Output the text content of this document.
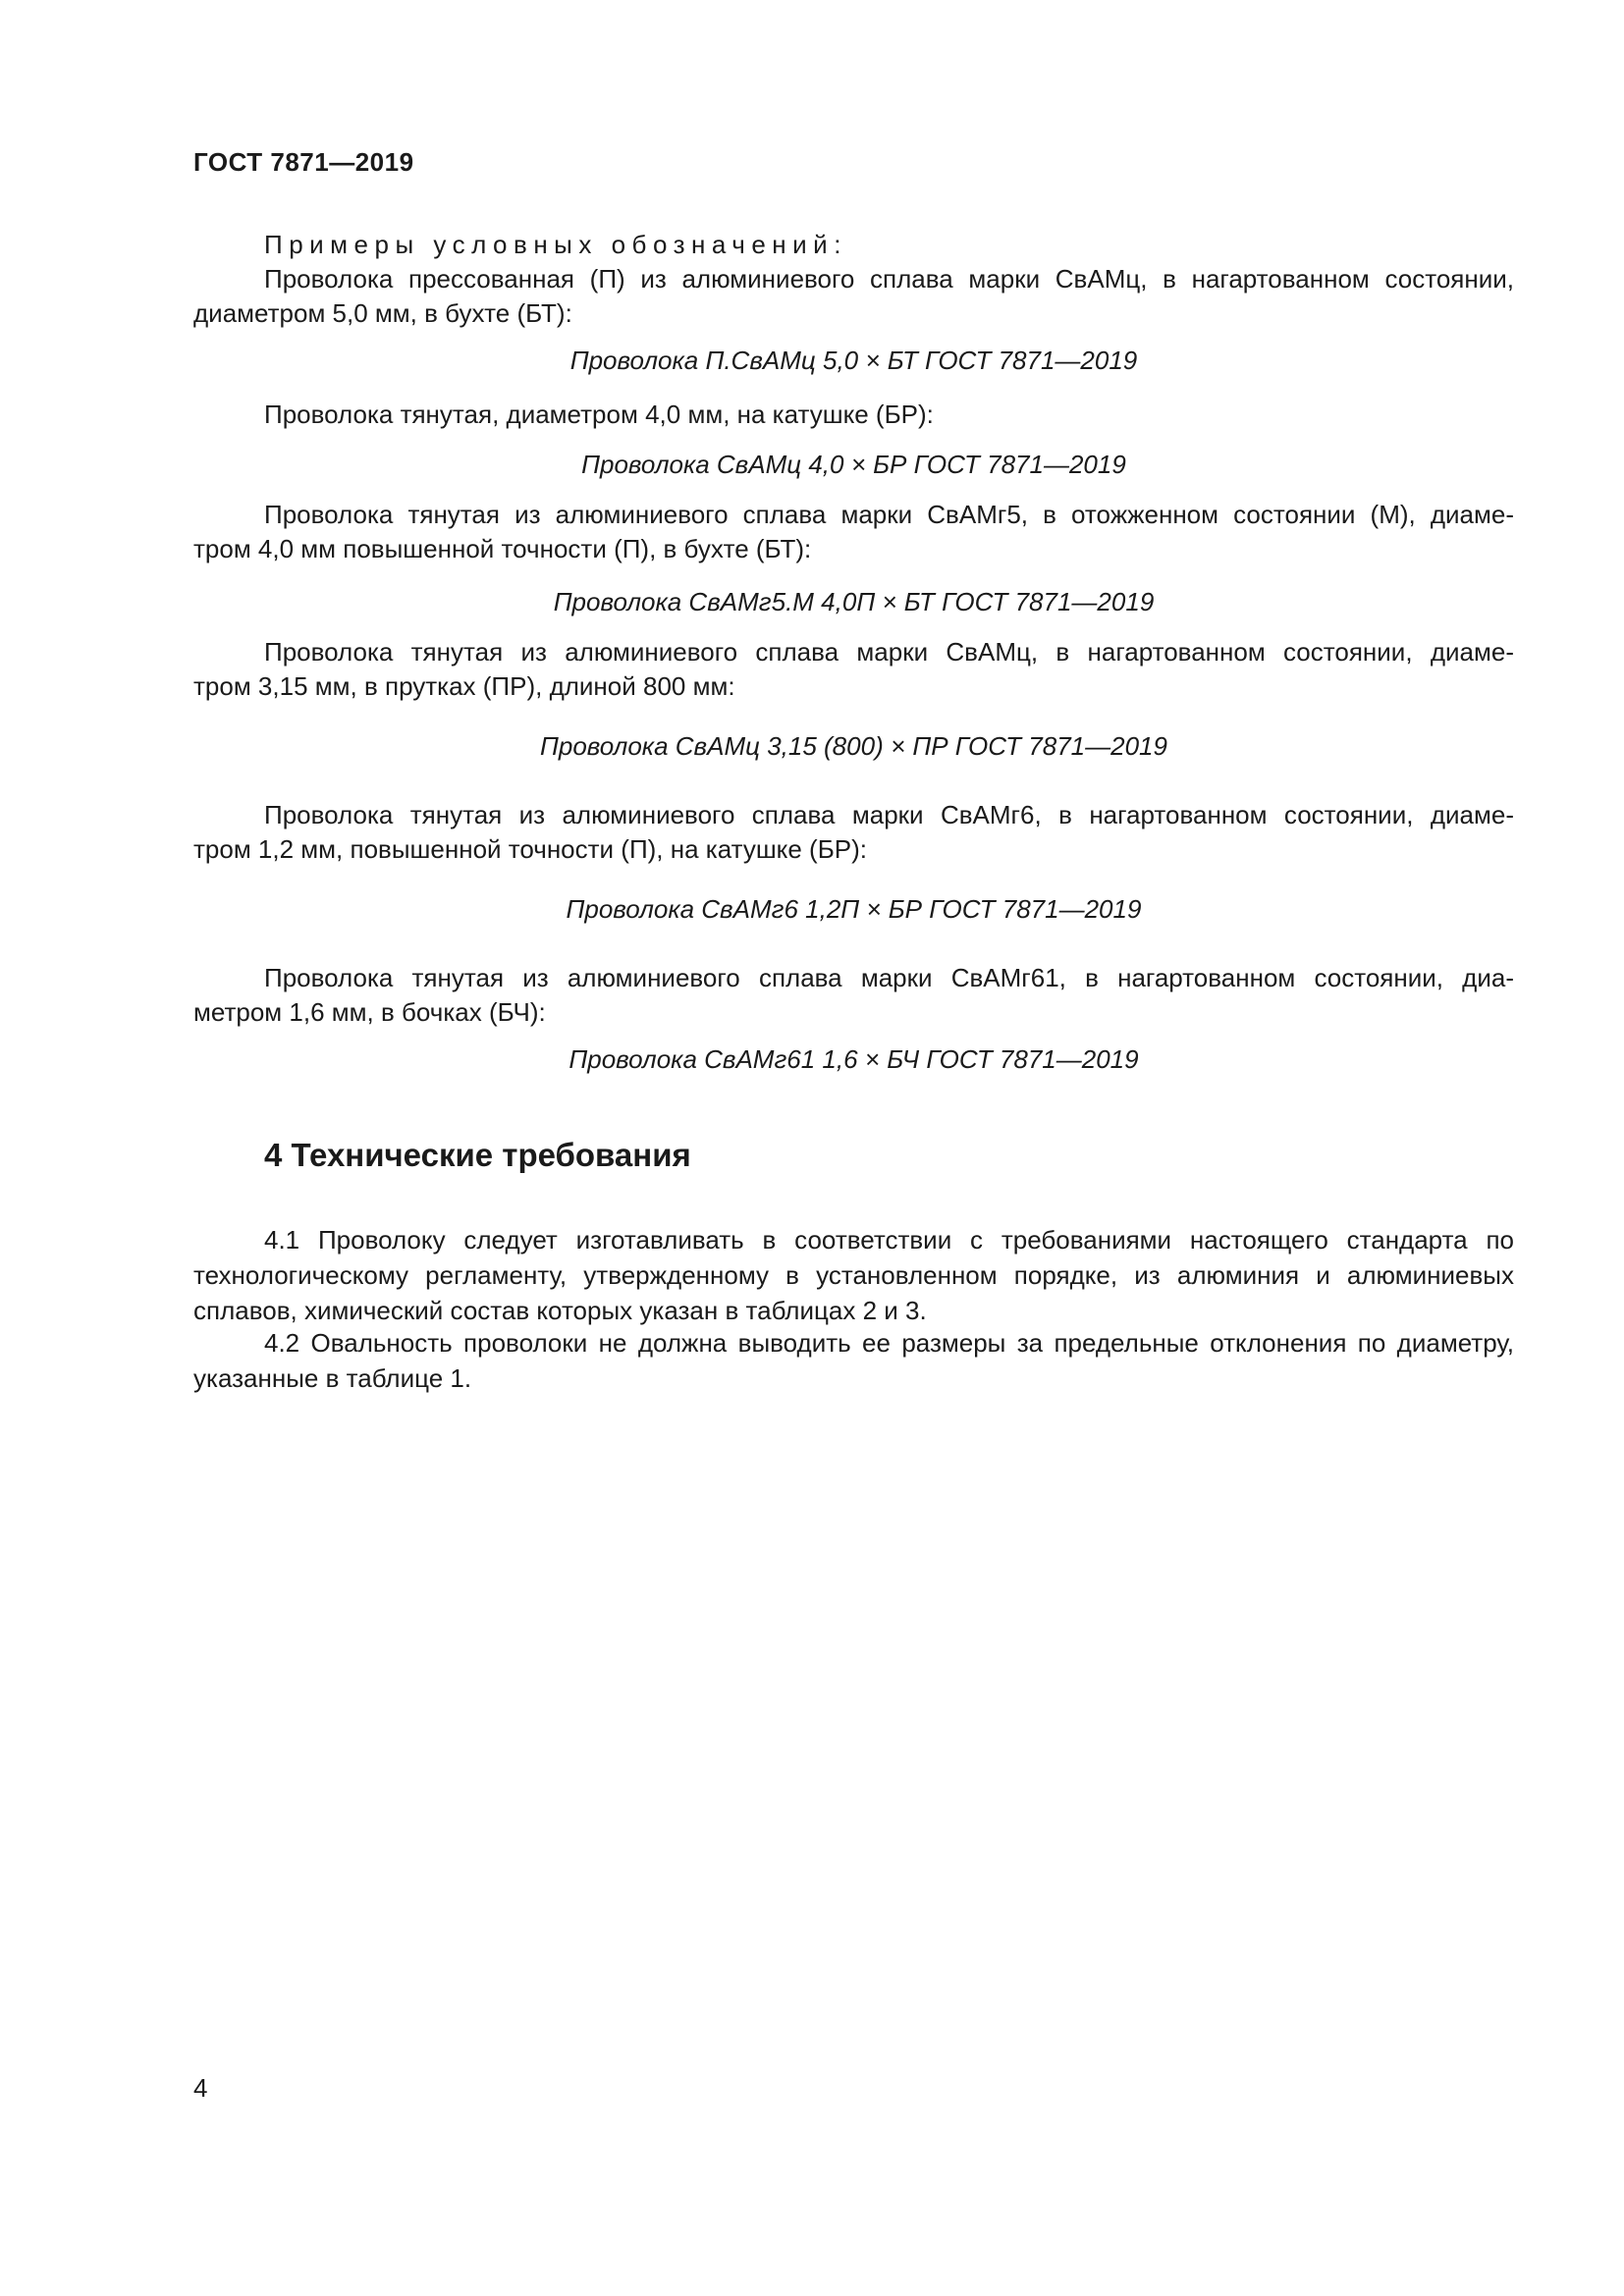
ГОСТ 7871—2019
Примеры условных обозначений:
Проволока прессованная (П) из алюминиевого сплава марки СвАМц, в нагартованном состоянии,
диаметром 5,0 мм, в бухте (БТ):
Проволока П.СвАМц 5,0 × БТ ГОСТ 7871—2019
Проволока тянутая, диаметром 4,0 мм, на катушке (БР):
Проволока СвАМц 4,0 × БР ГОСТ 7871—2019
Проволока тянутая из алюминиевого сплава марки СвАМг5, в отожженном состоянии (М), диаме-
тром 4,0 мм повышенной точности (П), в бухте (БТ):
Проволока СвАМг5.М 4,0П × БТ ГОСТ 7871—2019
Проволока тянутая из алюминиевого сплава марки СвАМц, в нагартованном состоянии, диаме-
тром 3,15 мм, в прутках (ПР), длиной 800 мм:
Проволока СвАМц 3,15 (800) × ПР ГОСТ 7871—2019
Проволока тянутая из алюминиевого сплава марки СвАМг6, в нагартованном состоянии, диаме-
тром 1,2 мм, повышенной точности (П), на катушке (БР):
Проволока СвАМг6 1,2П × БР ГОСТ 7871—2019
Проволока тянутая из алюминиевого сплава марки СвАМг61, в нагартованном состоянии, диа-
метром 1,6 мм, в бочках (БЧ):
Проволока СвАМг61 1,6 × БЧ ГОСТ 7871—2019
4 Технические требования
4.1 Проволоку следует изготавливать в соответствии с требованиями настоящего стандарта по технологическому регламенту, утвержденному в установленном порядке, из алюминия и алюминиевых сплавов, химический состав которых указан в таблицах 2 и 3.
4.2 Овальность проволоки не должна выводить ее размеры за предельные отклонения по диаметру, указанные в таблице 1.
4
